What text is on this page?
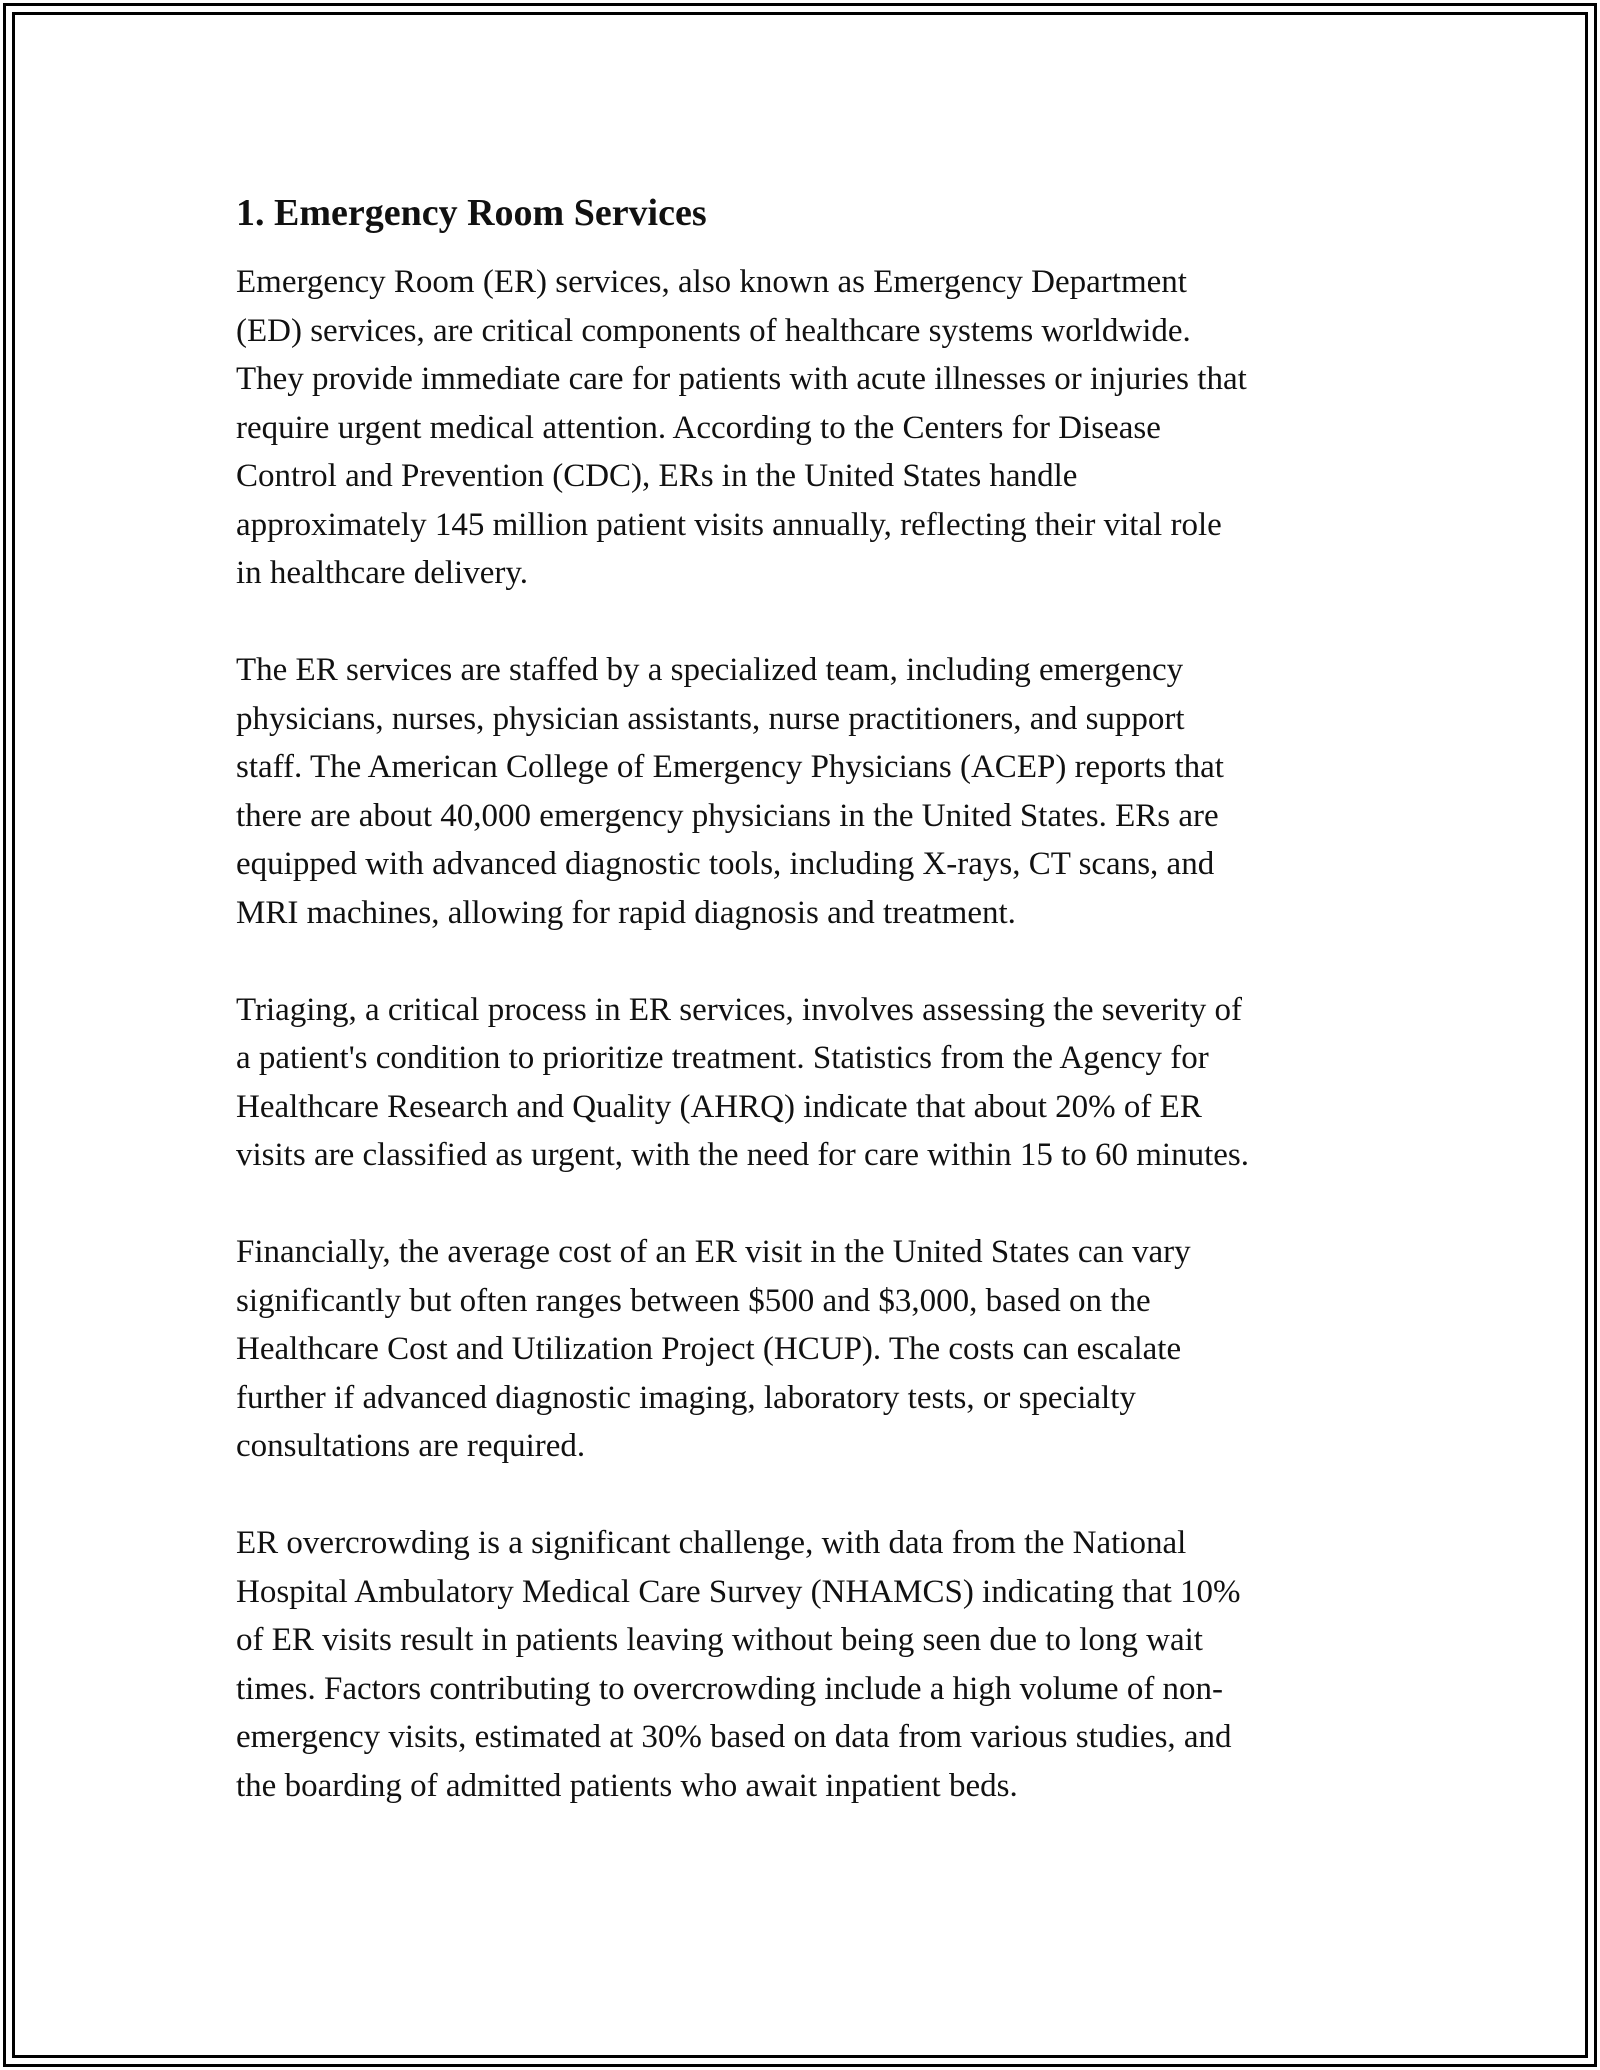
1. Emergency Room Services

Emergency Room (ER) services, also known as Emergency Department
(ED) services, are critical components of healthcare systems worldwide.
They provide immediate care for patients with acute illnesses or injuries that
require urgent medical attention. According to the Centers for Disease
Control and Prevention (CDC), ERs in the United States handle
approximately 145 million patient visits annually, reflecting their vital role
in healthcare delivery.

The ER services are staffed by a specialized team, including emergency
physicians, nurses, physician assistants, nurse practitioners, and support
staff. The American College of Emergency Physicians (ACEP) reports that
there are about 40,000 emergency physicians in the United States. ERs are
equipped with advanced diagnostic tools, including X-rays, CT scans, and
MRI machines, allowing for rapid diagnosis and treatment.

Triaging, a critical process in ER services, involves assessing the severity of
a patient's condition to prioritize treatment. Statistics from the Agency for
Healthcare Research and Quality (AHRQ) indicate that about 20% of ER
visits are classified as urgent, with the need for care within 15 to 60 minutes.

Financially, the average cost of an ER visit in the United States can vary
significantly but often ranges between $500 and $3,000, based on the
Healthcare Cost and Utilization Project (HCUP). The costs can escalate
further if advanced diagnostic imaging, laboratory tests, or specialty
consultations are required.

ER overcrowding is a significant challenge, with data from the National
Hospital Ambulatory Medical Care Survey (NHAMCS) indicating that 10%
of ER visits result in patients leaving without being seen due to long wait
times. Factors contributing to overcrowding include a high volume of non-
emergency visits, estimated at 30% based on data from various studies, and
the boarding of admitted patients who await inpatient beds.
